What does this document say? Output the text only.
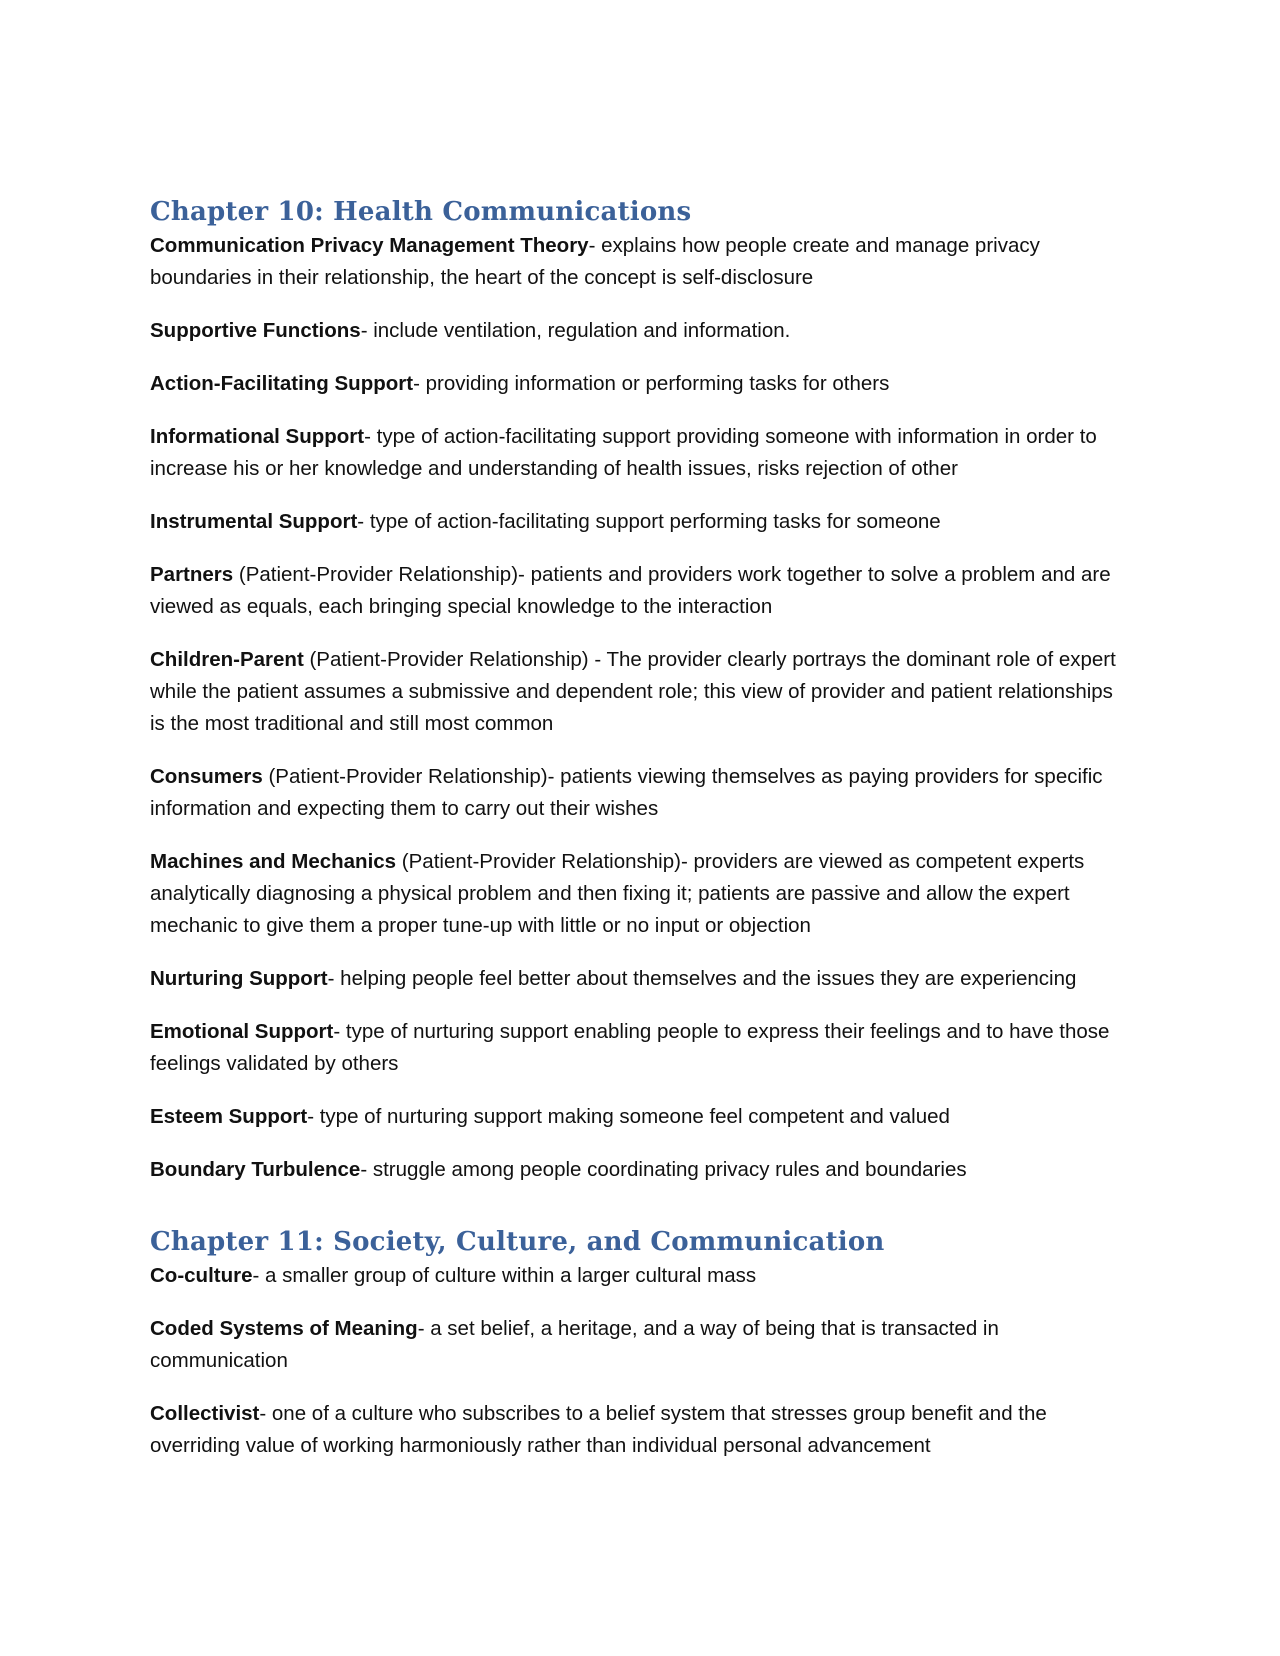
Chapter 10: Health Communications

Communication Privacy Management Theory- explains how people create and manage privacy boundaries in their relationship, the heart of the concept is self-disclosure

Supportive Functions- include ventilation, regulation and information.

Action-Facilitating Support- providing information or performing tasks for others

Informational Support- type of action-facilitating support providing someone with information in order to increase his or her knowledge and understanding of health issues, risks rejection of other

Instrumental Support- type of action-facilitating support performing tasks for someone

Partners (Patient-Provider Relationship)- patients and providers work together to solve a problem and are viewed as equals, each bringing special knowledge to the interaction

Children-Parent (Patient-Provider Relationship) - The provider clearly portrays the dominant role of expert while the patient assumes a submissive and dependent role; this view of provider and patient relationships is the most traditional and still most common

Consumers (Patient-Provider Relationship)- patients viewing themselves as paying providers for specific information and expecting them to carry out their wishes

Machines and Mechanics (Patient-Provider Relationship)- providers are viewed as competent experts analytically diagnosing a physical problem and then fixing it; patients are passive and allow the expert mechanic to give them a proper tune-up with little or no input or objection

Nurturing Support- helping people feel better about themselves and the issues they are experiencing

Emotional Support- type of nurturing support enabling people to express their feelings and to have those feelings validated by others

Esteem Support- type of nurturing support making someone feel competent and valued

Boundary Turbulence- struggle among people coordinating privacy rules and boundaries

Chapter 11: Society, Culture, and Communication

Co-culture- a smaller group of culture within a larger cultural mass

Coded Systems of Meaning- a set belief, a heritage, and a way of being that is transacted in communication

Collectivist- one of a culture who subscribes to a belief system that stresses group benefit and the overriding value of working harmoniously rather than individual personal advancement
